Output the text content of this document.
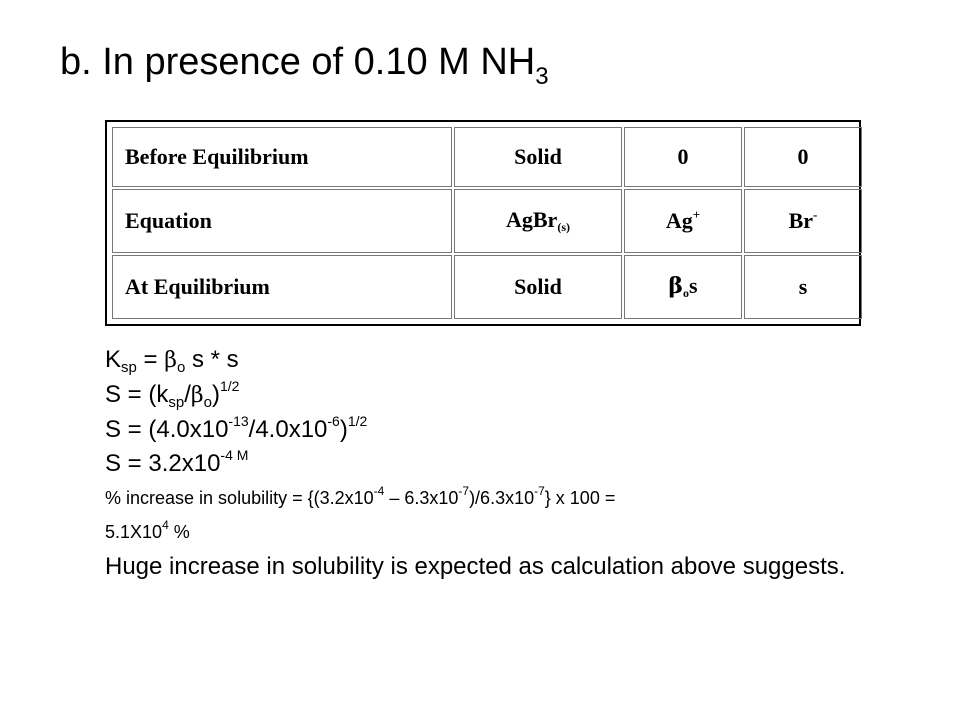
b. In presence of 0.10 M $NH_3$
Before Equilibrium	Solid	0	0
Equation	AgBr$_{(s)}$	Ag+	Br-
At Equilibrium	Solid	$\beta_os$	s
$K_{sp} = \beta_o$ s * s
$S = (k_{sp}/\beta_o)^{1/2}$
$S = (4.0x10^{-13}/4.0x10^{-6})^{1/2}$
$S = 3.2x10^{-4 M}$
% increase in solubility = $\{(3.2x10^{-4} - 6.3x10^{-7})/6.3x10^{-7}\}$ x 100 =
$5.1X10^4$ %
Huge increase in solubility is expected as calculation above suggests.
